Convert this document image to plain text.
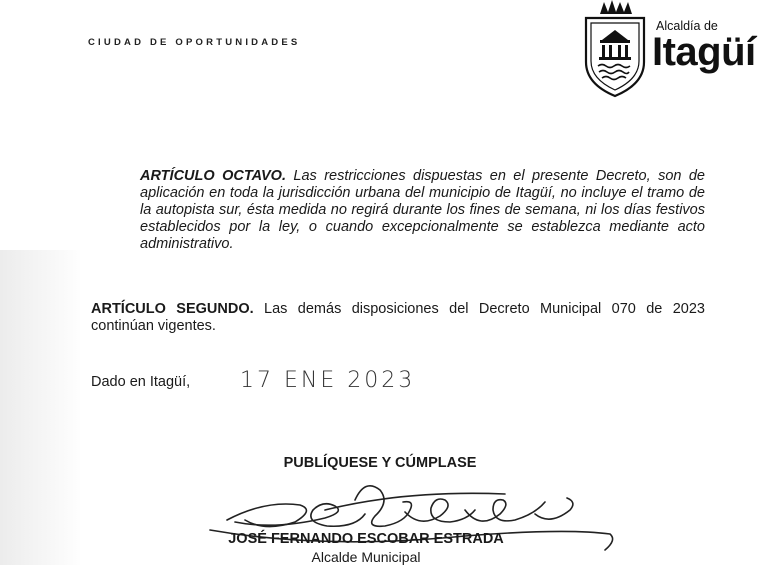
CIUDAD DE OPORTUNIDADES
Alcaldía de
Itagüí
ARTÍCULO OCTAVO. Las restricciones dispuestas en el presente Decreto, son de aplicación en toda la jurisdicción urbana del municipio de Itagüí, no incluye el tramo de la autopista sur, ésta medida no regirá durante los fines de semana, ni los días festivos establecidos por la ley, o cuando excepcionalmente se establezca mediante acto administrativo.
ARTÍCULO SEGUNDO. Las demás disposiciones del Decreto Municipal 070 de 2023 continúan vigentes.
Dado en Itagüí, 17 ENE 2023
PUBLÍQUESE Y CÚMPLASE
JOSÉ FERNANDO ESCOBAR ESTRADA
Alcalde Municipal
